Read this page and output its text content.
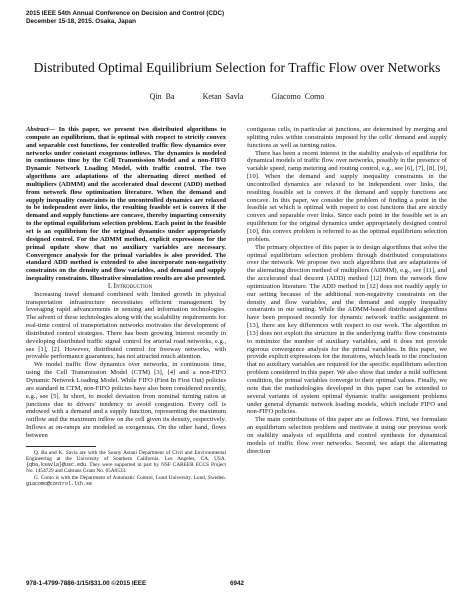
2015 IEEE 54th Annual Conference on Decision and Control (CDC)
December 15-18, 2015. Osaka, Japan
Distributed Optimal Equilibrium Selection for Traffic Flow over Networks
Qin Ba	Ketan Savla	Giacomo Como

Abstract— In this paper, we present two distributed algorithms to compute an equilibrium, that is optimal with respect to strictly convex and separable cost functions, for controlled traffic flow dynamics over networks under constant exogenous inflows. The dynamics is modeled in continuous time by the Cell Transmission Model and a non-FIFO Dynamic Network Loading Model, with traffic control. The two algorithms are adaptations of the alternating direct method of multipliers (ADMM) and the accelerated dual descent (ADD) method from network flow optimization literature. When the demand and supply inequality constraints in the uncontrolled dynamics are relaxed to be independent over links, the resulting feasible set is convex if the demand and supply functions are concave, thereby imparting convexity to the optimal equilibrium selection problem. Each point in the feasible set is an equilibrium for the original dynamics under appropriately designed control. For the ADMM method, explicit expressions for the primal update show that no auxiliary variables are necessary. Convergence analysis for the primal variables is also provided. The standard ADD method is extended to also incorporate non-negativity constraints on the density and flow variables, and demand and supply inequality constraints. Illustrative simulation results are also presented.

I. Introduction

Increasing travel demand combined with limited growth in physical transportation infrastructure necessitates efficient management by leveraging rapid advancements in sensing and information technologies. The advent of these technologies along with the scalability requirements for real-time control of transportation networks motivates the development of distributed control strategies. There has been growing interest recently in developing distributed traffic signal control for arterial road networks, e.g., see [1], [2]. However, distributed control for freeway networks, with provable performance guarantees, has not attracted much attention.

We model traffic flow dynamics over networks, in continuous time, using the Cell Transmission Model (CTM) [3], [4] and a non-FIFO Dynamic Network Loading Model. While FIFO (First In First Out) policies are standard in CTM, non-FIFO policies have also been considered recently, e.g., see [5]. In short, to model deviation from nominal turning ratios at junctions due to drivers' tendency to avoid congestion. Every cell is endowed with a demand and a supply function, representing the maximum outflow and the maximum inflow on the cell given its density, respectively. Inflows at on-ramps are modeled as exogenous. On the other hand, flows between

Q. Ba and K. Savla are with the Sonny Astani Department of Civil and Environmental Engineering at the University of Southern California. Los Angeles, CA, USA. {qba,ksavla}@usc.edu. They were supported in part by NSF CAREER ECCS Project No. 1454729 and Caltrans Grant No. 65A0533.

G. Como is with the Department of Automatic Control, Lund University. Lund, Sweden. giacomo@control.lth.se

contiguous cells, in particular at junctions, are determined by merging and splitting rules within constraints imposed by the cells' demand and supply functions as well as turning ratios.

There has been a recent interest in the stability analysis of equilibria for dynamical models of traffic flow over networks, possibly in the presence of variable speed, ramp metering and routing control, e.g., see [6], [7], [8], [9], [10]. When the demand and supply inequality constraints in the uncontrolled dynamics are relaxed to be independent over links, the resulting feasible set is convex if the demand and supply functions are concave. In this paper, we consider the problem of finding a point in the feasible set which is optimal with respect to cost functions that are strictly convex and separable over links. Since each point in the feasible set is an equilibrium for the original dynamics under appropriately designed control [10], this convex problem is referred to as the optimal equilibrium selection problem.

The primary objective of this paper is to design algorithms that solve the optimal equilibrium selection problem through distributed computations over the network. We propose two such algorithms that are adaptations of the alternating direction method of multipliers (ADMM), e.g., see [11], and the accelerated dual descent (ADD) method [12] from the network flow optimization literature. The ADD method in [12] does not readily apply to our setting because of the additional non-negativity constraints on the density and flow variables, and the demand and supply inequality constraints in our setting. While the ADMM-based distributed algorithms have been proposed recently for dynamic network traffic assignment in [13], there are key differences with respect to our work. The algorithm in [13] does not exploit the structure in the underlying traffic flow constraints to minimize the number of auxiliary variables, and it does not provide rigorous convergence analysis for the primal variables. In this paper, we provide explicit expressions for the iterations, which leads to the conclusion that no auxiliary variables are required for the specific equilibrium selection problem considered in this paper. We also show that under a mild sufficient condition, the primal variables converge to their optimal values. Finally, we note that the methodologies developed in this paper can be extended to several variants of system optimal dynamic traffic assignment problems under general dynamic network loading models, which include FIFO and non-FIFO policies.

The main contributions of this paper are as follows. First, we formulate an equilibrium selection problem and motivate it using our previous work on stability analysis of equilibria and control synthesis for dynamical models of traffic flow over networks. Second, we adapt the alternating direction

978-1-4799-7886-1/15/$31.00 ©2015 IEEE	6942
